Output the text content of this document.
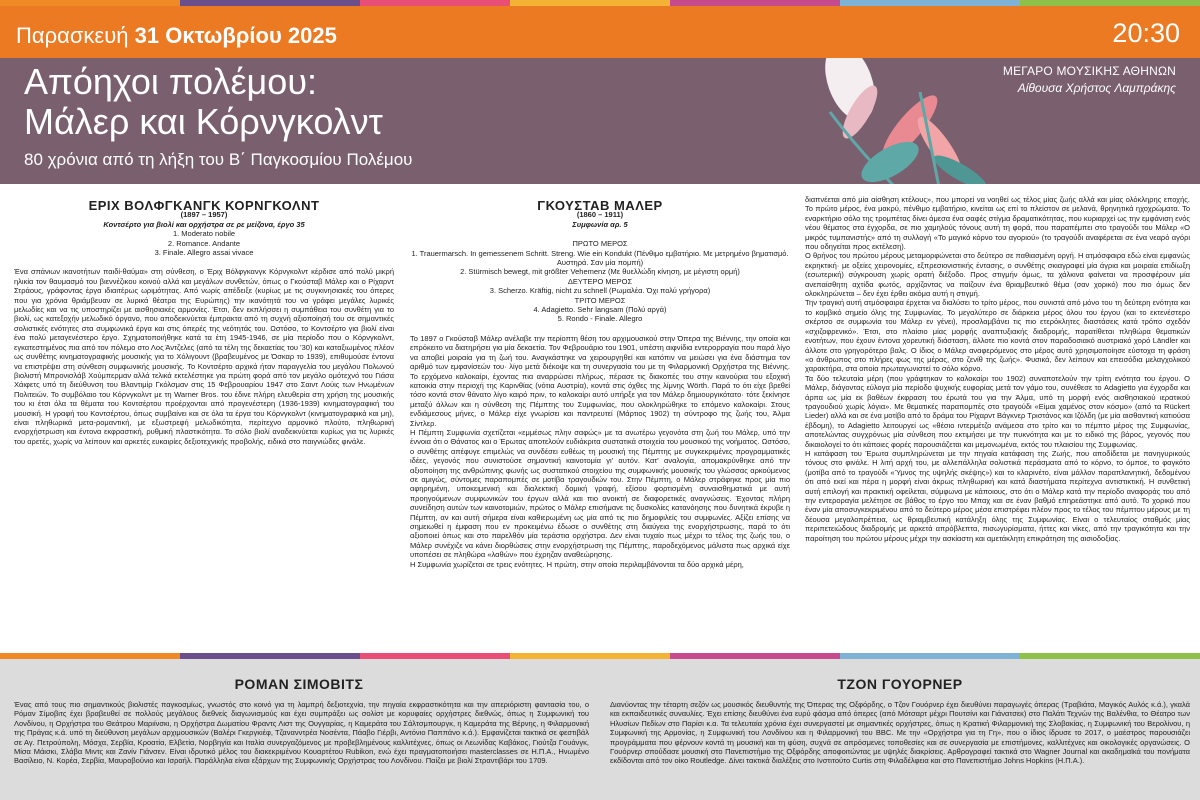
Παρασκευή 31 Οκτωβρίου 2025	20:30
Απόηχοι πολέμου:
Μάλερ και Κόρνγκολντ
80 χρόνια από τη λήξη του Β΄ Παγκοσμίου Πολέμου
ΜΕΓΑΡΟ ΜΟΥΣΙΚΗΣ ΑΘΗΝΩΝ
Αίθουσα Χρήστος Λαμπράκης
ΕΡΙΧ ΒΟΛΦΓΚΑΝΓΚ ΚΟΡΝΓΚΟΛΝΤ
(1897 – 1957)
Κοντσέρτο για βιολί και ορχήστρα σε ρε μείζονα, έργο 35
1. Moderato nobile
2. Romance. Andante
3. Finale. Allegro assai vivace

Ένα σπάνιων ικανοτήτων παιδί-θαύμα» στη σύνθεση, ο Έριχ Βόλφγκανγκ Κόρνγκολντ κέρδισε από πολύ μικρή ηλικία τον θαυμασμό του βιεννέζικου κοινού αλλά και μεγάλων συνθετών, όπως ο Γκούσταβ Μάλερ και ο Ρίχαρντ Στράους, γράφοντας έργα ιδιαιτέρως ωριμότητας. Από νωρίς απέδειξε (κυρίως με τις συγκινησιακές του όπερες που για χρόνια θριάμβευαν σε λυρικά θέατρα της Ευρώπης) την ικανότητά του να γράφει μεγάλες λυρικές μελωδίες και να τις υποστηρίζει με αισθησιακές αρμονίες. Έτσι, δεν εκπλήσσει η συμπάθεια του συνθέτη για το βιολί, ως κατεξοχήν μελωδικό όργανο, που αποδεικνύεται έμπρακτα από τη συχνή αξιοποίησή του σε σημαντικές σολιστικές ενότητες στα συμφωνικά έργα και στις όπερές της νεότητάς του. Ωστόσο, το Κοντσέρτο για βιολί είναι ένα πολύ μεταγενέστερο έργο. Σχηματοποιήθηκε κατά τα έτη 1945-1946, σε μία περίοδο που ο Κόρνγκολντ, εγκατεστημένος πια από τον πόλεμο στο Λος Άντζελες (από τα τέλη της δεκαετίας του '30) και καταξιωμένος πλέον ως συνθέτης κινηματογραφικής μουσικής για το Χόλιγουντ (βραβευμένος με Όσκαρ το 1939), επιθυμούσε έντονα να επιστρέψει στη σύνθεση συμφωνικής μουσικής. Το Κοντσέρτο αρχικά ήταν παραγγελία του μεγάλου Πολωνού βιολιστή Μπρονισλάβ Χούμπερμαν αλλά τελικά εκτελέστηκε για πρώτη φορά από τον μεγάλο ομότεχνό του Γιάσα Χάιφετς υπό τη διεύθυνση του Βλαντιμίρ Γκόλσμαν στις 15 Φεβρουαρίου 1947 στο Σαιντ Λούις των Ηνωμένων Πολιτειών. Το συμβόλαιο του Κόρνγκολντ με τη Warner Bros. του έδινε πλήρη ελευθερία στη χρήση της μουσικής του κι έτσι όλα τα θέματα του Κοντσέρτου προέρχονται από προγενέστερη (1936-1939) κινηματογραφική του μουσική. Η γραφή του Κοντσέρτου, όπως συμβαίνει και σε όλα τα έργα του Κόρνγκολντ (κινηματογραφικά και μη), είναι πληθωρικά μετα-ρομαντική, με εξωστρεφή μελωδικότητα, περίτεχνο αρμονικό πλούτο, πληθωρική ενορχήστρωση και έντονα εκφραστική, ρυθμική πλαστικότητα. Το σόλο βιολί αναδεικνύεται κυρίως για τις λυρικές του αρετές, χωρίς να λείπουν και αρκετές ευκαιρίες δεξιοτεχνικής προβολής, ειδικά στο παιγνιώδες φινάλε.

ΓΚΟΥΣΤΑΒ ΜΑΛΕΡ
(1860 – 1911)
Συμφωνία αρ. 5
ΠΡΩΤΟ ΜΕΡΟΣ
1. Trauermarsch. In gemessenem Schritt. Streng. Wie ein Kondukt (Πένθιμο εμβατήριο. Με μετρημένο βηματισμό. Αυστηρά. Σαν μία πομπή)
2. Stürmisch bewegt, mit größter Vehemenz (Με θυελλώδη κίνηση, με μέγιστη ορμή)
ΔΕΥΤΕΡΟ ΜΕΡΟΣ
3. Scherzo. Kräftig, nicht zu schnell (Ρωμαλέα. Όχι πολύ γρήγορα)
ΤΡΙΤΟ ΜΕΡΟΣ
4. Adagietto. Sehr langsam (Πολύ αργά)
5. Rondo - Finale. Allegro

Το 1897 ο Γκούσταβ Μάλερ ανέλαβε την περίοπτη θέση του αρχιμουσικού στην Όπερα της Βιέννης, την οποία και επρόκειτο να διατηρήσει για μία δεκαετία. Τον Φεβρουάριο του 1901, υπέστη αιφνίδια εντερορραγία που παρά λίγο να αποβεί μοιραία για τη ζωή του. Αναγκάστηκε να χειρουργηθεί και κατόπιν να μειώσει για ένα διάστημα τον αριθμό των εμφανίσεών του· λίγο μετά διέκοψε και τη συνεργασία του με τη Φιλαρμονική Ορχήστρα της Βιέννης. Το ερχόμενο καλοκαίρι, έχοντας πια αναρρώσει πλήρως, πέρασε τις διακοπές του στην καινούρια του εξοχική κατοικία στην περιοχή της Καρινθίας (νότια Αυστρία), κοντά στις όχθες της λίμνης Wörth. Παρά το ότι είχε βρεθεί τόσο κοντά στον θάνατο λίγο καιρό πριν, το καλοκαίρι αυτό υπήρξε για τον Μάλερ δημιουργικότατο· τότε ξεκίνησε μεταξύ άλλων και η σύνθεση της Πέμπτης του Συμφωνίας, που ολοκληρώθηκε το επόμενο καλοκαίρι. Στους ενδιάμεσους μήνες, ο Μάλερ είχε γνωρίσει και παντρευτεί (Μάρτιος 1902) τη σύντροφο της ζωής του, Άλμα Σίντλερ.

Η Πέμπτη Συμφωνία σχετίζεται «εμμέσως πλην σαφώς» με τα ανωτέρω γεγονότα στη ζωή του Μάλερ, υπό την έννοια ότι ο Θάνατος και ο Έρωτας αποτελούν ευδιάκριτα συστατικά στοιχεία του μουσικού της νοήματος. Ωστόσο, ο συνθέτης απέφυγε επιμελώς να συνδέσει ευθέως τη μουσική της Πέμπτης με συγκεκριμένες προγραμματικές ιδέες, γεγονός που συνιστούσε σημαντική καινοτομία γι' αυτόν. Κατ' αναλογία, απομακρύνθηκε από την αξιοποίηση της ανθρώπινης φωνής ως συστατικού στοιχείου της συμφωνικής μουσικής του γλώσσας αρκούμενος σε αμιγώς, σύντομες παραπομπές σε μοτίβα τραγουδιών του. Στην Πέμπτη, ο Μάλερ στράφηκε προς μία πιο αφηρημένη, υποκειμενική και διαλεκτική δομική γραφή, εξίσου φορτισμένη συναισθηματικά με αυτή προηγούμενων συμφωνικών του έργων αλλά και πιο ανοικτή σε διαφορετικές αναγνώσεις. Έχοντας πλήρη συνείδηση αυτών των καινοτομιών, πρώτος ο Μάλερ επισήμανε τις δυσκολίες κατανόησης που δυνητικά έκρυβε η Πέμπτη, αν και αυτή σήμερα είναι καθιερωμένη ως μία από τις πιο δημοφιλείς του συμφωνίες. Αξίζει επίσης να σημειωθεί η έμφαση που εν προκειμένω έδωσε ο συνθέτης στη διαύγεια της ενορχήστρωσης, παρά το ότι αξιοποιεί όπως και στο παρελθόν μία τεράστια ορχήστρα. Δεν είναι τυχαίο πως μέχρι το τέλος της ζωής του, ο Μάλερ συνέχιζε να κάνει διορθώσεις στην ενορχήστρωση της Πέμπτης, παροδεχόμενος μάλιστα πως αρχικά είχε υποπέσει σε πληθώρα «λαθών» που έχρηζαν αναθεώρησης.

Η Συμφωνία χωρίζεται σε τρεις ενότητες. Η πρώτη, στην οποία περιλαμβάνονται τα δύο αρχικά μέρη,

διαπνέεται από μία αίσθηση κτέλους», που μπορεί να νοηθεί ως τέλος μίας ζωής αλλά και μίας ολόκληρης εποχής. Το πρώτο μέρος, ένα μακρύ, πένθιμο εμβατήριο, κινείται ως επί το πλείστον σε μελανά, θρηνητικά ηχοχρώματα. Το εναρκτήριο σόλο της τρομπέτας δίνει άμεσα ένα σαφές στίγμα δραματικότητας, που κυριαρχεί ως την εμφάνιση ενός νέου θέματος στα έγχορδα, σε πιο χαμηλούς τόνους αυτή τη φορά, που παραπέμπει στο τραγούδι του Μάλερ «Ο μικρός τυμπανιστής» από τη συλλογή «Το μαγικό κόρνο του αγοριού» (το τραγούδι αναφέρεται σε ένα νεαρό αγόρι που οδηγείται προς εκτέλεση).

Ο θρήνος του πρώτου μέρους μεταμορφώνεται στο δεύτερο σε παθιασμένη οργή. Η ατμόσφαιρα εδώ είναι εμφανώς εκρηκτική· με οξείες χειρονομίες, εξπρεσιονιστικής έντασης, ο συνθέτης σκιαγραφεί μία άγρια και μοιραία επιδίωξη (εσωτερική) σύγκρουση χωρίς ορατή διέξοδο. Προς στιγμήν όμως, τα χάλκινα φαίνεται να προσφέρουν μία ανεπαίσθητη αχτίδα φωτός, αρχίζοντας να παίζουν ένα θριαμβευτικό θέμα (σαν χορικό) που πιο όμως δεν ολοκληρώνεται – δεν έχει έρθει ακόμα αυτή η στιγμή.

Την τραγική αυτή ατμόσφαιρα έρχεται να διαλύσει το τρίτο μέρος, που συνιστά από μόνο του τη δεύτερη ενότητα και το κομβικό σημείο όλης της Συμφωνίας. Το μεγαλύτερο σε διάρκεια μέρος όλου του έργου (και το εκτενέστερο σκέρτσο σε συμφωνία του Μάλερ εν γένει), προσλαμβάνει τις πιο ετερόκλητες διαστάσεις κατά τρόπο σχεδόν «σχιζοφρενικό». Έτσι, στο πλαίσιο μίας μορφής αναπτυξιακής διαδρομής, παρατίθεται πληθώρα θεματικών ενοτήτων, που έχουν έντονα χορευτική διάσταση, άλλοτε πιο κοντά στον παραδοσιακό αυστριακό χορό Ländler και άλλοτε στο γρηγορότερο βαλς. Ο ίδιος ο Μάλερ αναφερόμενος στο μέρος αυτό χρησιμοποίησε εύστοχα τη φράση «ο άνθρωπος στο πλήρες φως της μέρας, στο ζενίθ της ζωής». Φυσικά, δεν λείπουν και επεισόδια μελαγχολικού χαρακτήρα, στα οποία πρωταγωνιστεί το σόλο κόρνο.

Τα δύο τελευταία μέρη (που γράφτηκαν το καλοκαίρι του 1902) συναποτελούν την τρίτη ενότητα του έργου. Ο Μάλερ, διάγοντας εύλογα μία περίοδο ψυχικής ευφορίας μετά τον γάμο του, συνέθεσε το Adagietto για έγχορδα και άρπα ως μία εκ βαθέων έκφραση του έρωτά του για την Άλμα, υπό τη μορφή ενός αισθησιακού ιερατικού τραγουδιού χωρίς λόγια». Με θεματικές παραπομπές στο τραγούδι «Είμαι χαμένος στον κόσμο» (από τα Rückert Lieder) αλλά και σε ένα μοτίβο από το δράμα του Ρίχαρντ Βάγκνερ Τριστάνος και Ιζόλδη (με μία αισθαντική κατιούσα έβδομη), το Adagietto λειτουργεί ως «θέσιο ιντερμέτζο ανάμεσα στο τρίτο και το πέμπτο μέρος της Συμφωνίας, αποτελώντας συγχρόνως μία σύνθεση που εκτιμήσει με την πυκνότητα και με το ειδικό της βάρος, γεγονός που δικαιολογεί το ότι κάποιες φορές παρουσιάζεται και μεμονωμένα, εκτός του πλαισίου της Συμφωνίας.

Η κατάφαση του Έρωτα συμπληρώνεται με την πηγαία κατάφαση της Ζωής, που αποδίδεται με πανηγυρικούς τόνους στο φινάλε. Η λιτή αρχή του, με αλλεπάλληλα σολιστικά περάσματα από το κόρνο, το όμποε, το φαγκότο (μοτίβα από το τραγούδι «Ύμνος της υψηλής σκέψης») και το κλαρινέτο, είναι μάλλον παραπλανητική, δεδομένου ότι από εκεί και πέρα η μορφή είναι άκρως πληθωρική και κατά διαστήματα περίτεχνα αντιστικτική. Η συνθετική αυτή επιλογή και πρακτική οφείλεται, σύμφωνα με κάποιους, στο ότι ο Μάλερ κατά την περίοδο αναφοράς του από την εντεροραγία μελέτησε σε βάθος το έργο του Μπαχ και σε έναν βαθμό επηρεάστηκε από αυτό. Το χορικό που έναν μία αποσυγκεκριμένου από το δεύτερο μέρος μέσα επιστρέφει πλέον προς το τέλος του πέμπτου μέρους με τη δέουσα μεγαλοπρέπεια, ως θριαμβευτική κατάληξη όλης της Συμφωνίας. Είναι ο τελευταίος σταθμός μίας περιπετειώδους διαδρομής με αρκετά απρόβλεπτα, πισωγυρίσματα, ήττες και νίκες, από την τραγικότητα και την παροίτηση του πρώτου μέρους μέχρι την ασκίαστη και αμετάκλητη επικράτηση της αισιοδοξίας.

ΡΟΜΑΝ ΣΙΜΟΒΙΤΣ
Ένας από τους πιο σημαντικούς βιολιστές παγκοσμίως, γνωστός στο κοινό για τη λαμπρή δεξιοτεχνία, την πηγαία εκφραστικότητα και την απεριόριστη φαντασία του, ο Ρόμαν Σίμοβιτς έχει βραβευθεί σε πολλούς μεγάλους διεθνείς διαγωνισμούς και έχει συμπράξει ως σολίστ με κορυφαίες ορχήστρες διεθνώς, όπως η Συμφωνική του Λονδίνου, η Ορχήστρα του Θεάτρου Μαριίνσκι, η Ορχήστρα Δωματίου Φραντς Λιστ της Ουγγαρίας, η Καμεράτα του Σάλτσμπουργκ, η Καμεράτα της Βέρνης, η Φιλαρμονική της Πράγας κ.ά. υπό τη διεύθυνση μεγάλων αρχιμουσικών (Βαλέρι Γκεργκιέφ, Τζανανντρέα Νοσέντα, Πάαβο Γιέρβι, Αντόνιο Παππάνο κ.ά.). Εμφανίζεται τακτικά σε φεστιβάλ σε Αγ. Πετρούπολη, Μόσχα, Σερβία, Κροατία, Ελβετία, Νορβηγία και Ιταλία συνεργαζόμενος με προβεβλημένους καλλιτέχνες, όπως οι Λεωνίδας Καβάκος, Γιούτζα Γουάνγκ, Μίσα Μάισκι, Σλάβα Μιντς και Ζανίν Γιάνσεν. Είναι ιδρυτικό μέλος του διακεκριμένου Κουαρτέτου Rubikon, ενώ έχει πραγματοποιήσει masterclasses σε Η.Π.Α., Ηνωμένο Βασίλειο, Ν. Κορέα, Σερβία, Μαυροβούνιο και Ισραήλ. Παράλληλα είναι εξάρχων της Συμφωνικής Ορχήστρας του Λονδίνου. Παίζει με βιολί Στραντιβάρι του 1709.
ΤΖΟΝ ΓΟΥΟΡΝΕΡ
Διανύοντας την τέταρτη σεζόν ως μουσικός διευθυντής της Όπερας της Οξφόρδης, ο Τζον Γουόρνερ έχει διευθύνει παραγωγές όπερας (Τραβιάτα, Μαγικός Αυλός κ.ά.), γκαλά και εκπαιδευτικές συναυλίες. Έχει επίσης διευθύνει ένα ευρύ φάσμα από όπερες (από Μότσαρτ μέχρι Πουτσίνι και Γιάνατσεκ) στο Παλάτι Τεχνών της Βαλένθια, το Θέατρο των Ηλυσίων Πεδίων στο Παρίσι κ.α. Τα τελευταία χρόνια έχει συνεργαστεί με σημαντικές ορχήστρες, όπως η Κρατική Φιλαρμονική της Σλοβακίας, η Συμφωνική του Βερολίνου, η Συμφωνική της Αρμονίας, η Συμφωνική του Λονδίνου και η Φιλαρμονική του BBC. Με την «Ορχήστρα για τη Γη», που ο ίδιος ίδρυσε το 2017, ο μαέστρος παρουσιάζει προγράμματα που φέρνουν κοντά τη μουσική και τη φύση, συχνά σε απρόσμενες τοποθεσίες και σε συνεργασία με επιστήμονες, καλλιτέχνες και οικολογικές οργανώσεις. Ο Γουόρνερ σπούδασε μουσική στο Πανεπιστήμιο της Οξφόρδης αποφοιτώντας με υψηλές διακρίσεις. Αρθρογραφεί τακτικά στο Wagner Journal και ακαδημαϊκά του πονήματα εκδίδονται από τον οίκο Routledge. Δίνει τακτικά διαλέξεις στο Ινστιτούτο Curtis στη Φιλαδέλφεια και στο Πανεπιστήμιο Johns Hopkins (Η.Π.Α.).
